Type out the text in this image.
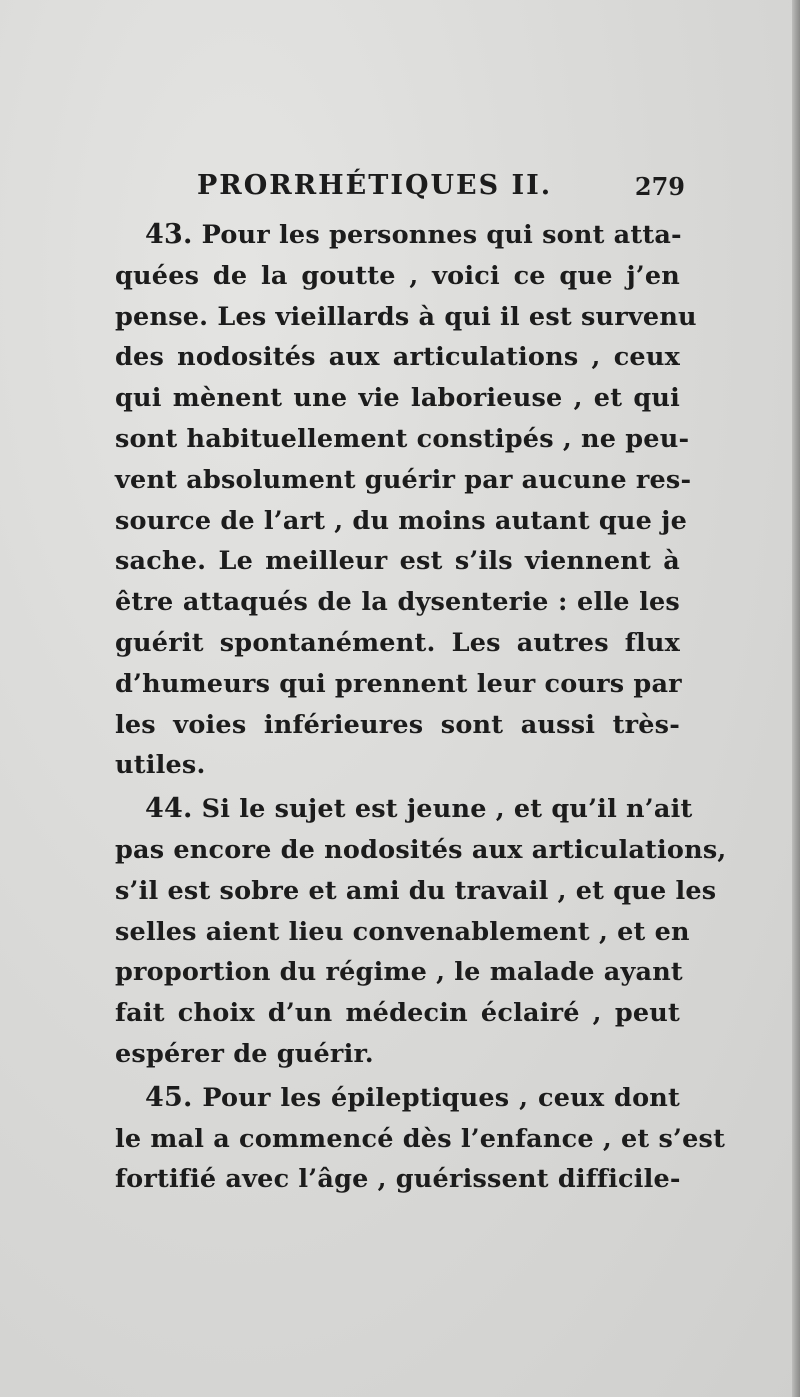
PRORRHÉTIQUES II.	279
43. Pour les personnes qui sont atta-
quées de la goutte , voici ce que j’en
pense. Les vieillards à qui il est survenu
des nodosités aux articulations , ceux
qui mènent une vie laborieuse , et qui
sont habituellement constipés , ne peu-
vent absolument guérir par aucune res-
source de l’art , du moins autant que je
sache. Le meilleur est s’ils viennent à
être attaqués de la dysenterie : elle les
guérit spontanément. Les autres flux
d’humeurs qui prennent leur cours par
les voies inférieures sont aussi très-
utiles.
44. Si le sujet est jeune , et qu’il n’ait
pas encore de nodosités aux articulations,
s’il est sobre et ami du travail , et que les
selles aient lieu convenablement , et en
proportion du régime , le malade ayant
fait choix d’un médecin éclairé , peut
espérer de guérir.
45. Pour les épileptiques , ceux dont
le mal a commencé dès l’enfance , et s’est
fortifié avec l’âge , guérissent difficile-
